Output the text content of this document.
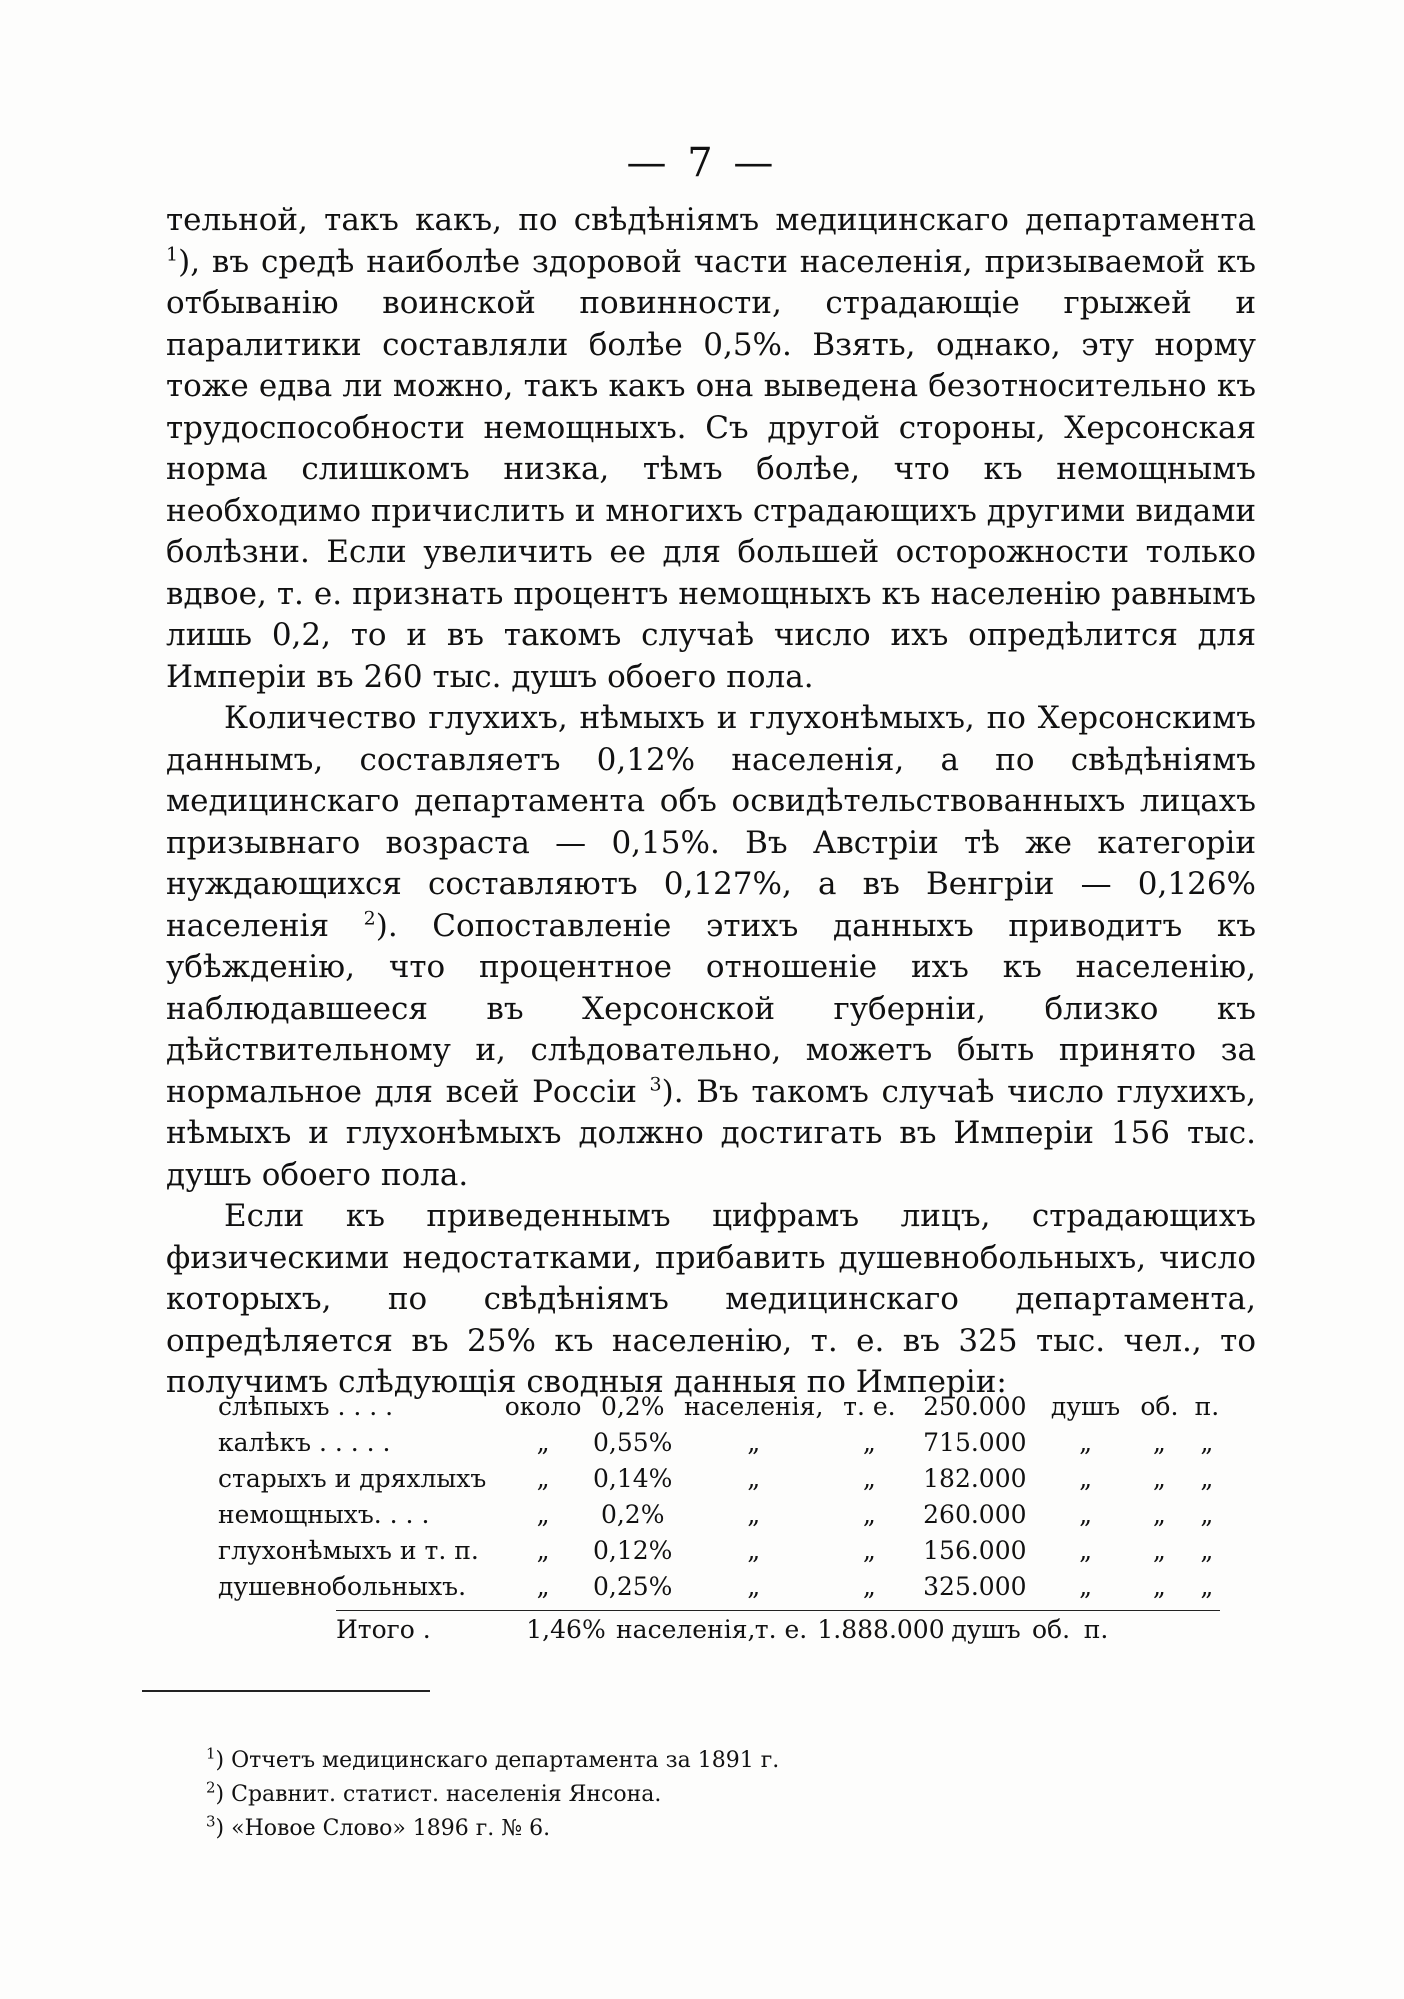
— 7 —

тельной, такъ какъ, по свѣдѣніямъ медицинскаго департамента $^1$), въ средѣ наиболѣе здоровой части населенія, призываемой къ отбыванію воинской повинности, страдающіе грыжей и паралитики составляли болѣе 0,5%. Взять, однако, эту норму тоже едва ли можно, такъ какъ она выведена безотносительно къ трудоспособности немощныхъ. Съ другой стороны, Херсонская норма слишкомъ низка, тѣмъ болѣе, что къ немощнымъ необходимо причислить и многихъ страдающихъ другими видами болѣзни. Если увеличить ее для большей осторожности только вдвое, т. е. признать процентъ немощныхъ къ населенію равнымъ лишь 0,2, то и въ такомъ случаѣ число ихъ опредѣлится для Имперіи въ 260 тыс. душъ обоего пола.

Количество глухихъ, нѣмыхъ и глухонѣмыхъ, по Херсонскимъ даннымъ, составляетъ 0,12% населенія, а по свѣдѣніямъ медицинскаго департамента объ освидѣтельствованныхъ лицахъ призывнаго возраста — 0,15%. Въ Австріи тѣ же категоріи нуждающихся составляютъ 0,127%, а въ Венгріи — 0,126% населенія $^2$). Сопоставленіе этихъ данныхъ приводитъ къ убѣжденію, что процентное отношеніе ихъ къ населенію, наблюдавшееся въ Херсонской губерніи, близко къ дѣйствительному и, слѣдовательно, можетъ быть принято за нормальное для всей Россіи $^3$). Въ такомъ случаѣ число глухихъ, нѣмыхъ и глухонѣмыхъ должно достигать въ Имперіи 156 тыс. душъ обоего пола.

Если къ приведеннымъ цифрамъ лицъ, страдающихъ физическими недостатками, прибавить душевнобольныхъ, число которыхъ, по свѣдѣніямъ медицинскаго департамента, опредѣляется въ 25% къ населенію, т. е. въ 325 тыс. чел., то получимъ слѣдующія сводныя данныя по Имперіи:

слѣпыхъ . . . .	около	0,2%	населенія,	т. е.	250.000	душъ	об.	п.
калѣкъ . . . . .	„	0,55%	„	„	715.000	„	„	„
старыхъ и дряхлыхъ	„	0,14%	„	„	182.000	„	„	„
немощныхъ. . . .	„	0,2%	„	„	260.000	„	„	„
глухонѣмыхъ и т. п.	„	0,12%	„	„	156.000	„	„	„
душевнобольныхъ.	„	0,25%	„	„	325.000	„	„	„
Итого .	1,46% населенія, т. е. 1.888.000 душъ об. п.
$^1$) Отчетъ медицинскаго департамента за 1891 г.
$^2$) Сравнит. статист. населенія Янсона.
$^3$) «Новое Слово» 1896 г. № 6.
